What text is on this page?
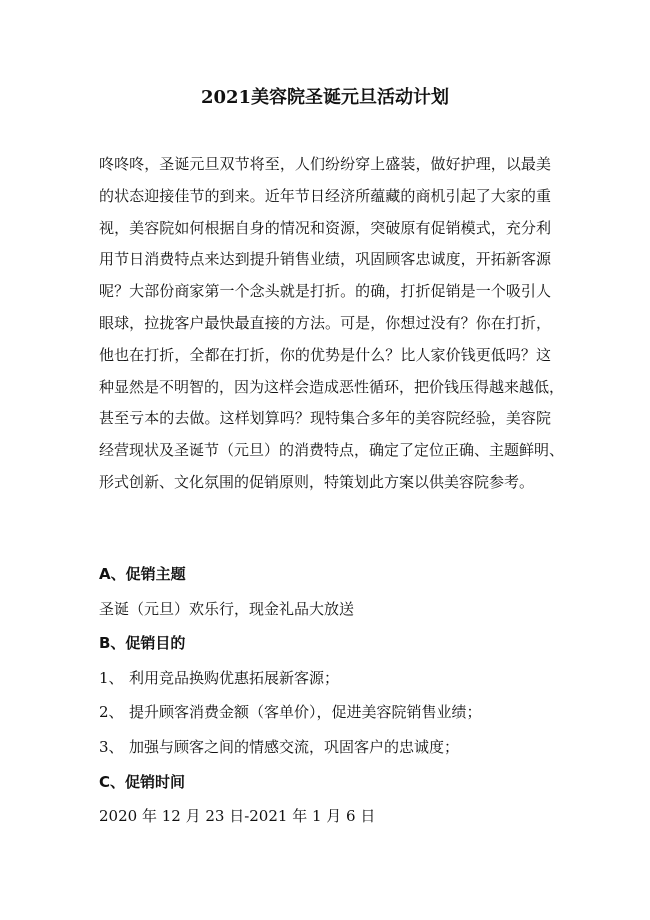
2021美容院圣诞元旦活动计划
咚咚咚，圣诞元旦双节将至，人们纷纷穿上盛装，做好护理，以最美
的状态迎接佳节的到来。近年节日经济所蕴藏的商机引起了大家的重
视，美容院如何根据自身的情况和资源，突破原有促销模式，充分利
用节日消费特点来达到提升销售业绩，巩固顾客忠诚度，开拓新客源
呢？大部份商家第一个念头就是打折。的确，打折促销是一个吸引人
眼球，拉拢客户最快最直接的方法。可是，你想过没有？你在打折，
他也在打折，全都在打折，你的优势是什么？比人家价钱更低吗？这
种显然是不明智的，因为这样会造成恶性循环，把价钱压得越来越低，
甚至亏本的去做。这样划算吗？现特集合多年的美容院经验，美容院
经营现状及圣诞节（元旦）的消费特点，确定了定位正确、主题鲜明、
形式创新、文化氛围的促销原则，特策划此方案以供美容院参考。
A、促销主题
圣诞（元旦）欢乐行，现金礼品大放送
B、促销目的
1、 利用竞品换购优惠拓展新客源；
2、 提升顾客消费金额（客单价），促进美容院销售业绩；
3、 加强与顾客之间的情感交流，巩固客户的忠诚度；
C、促销时间
2020 年 12 月 23 日-2021 年 1 月 6 日
